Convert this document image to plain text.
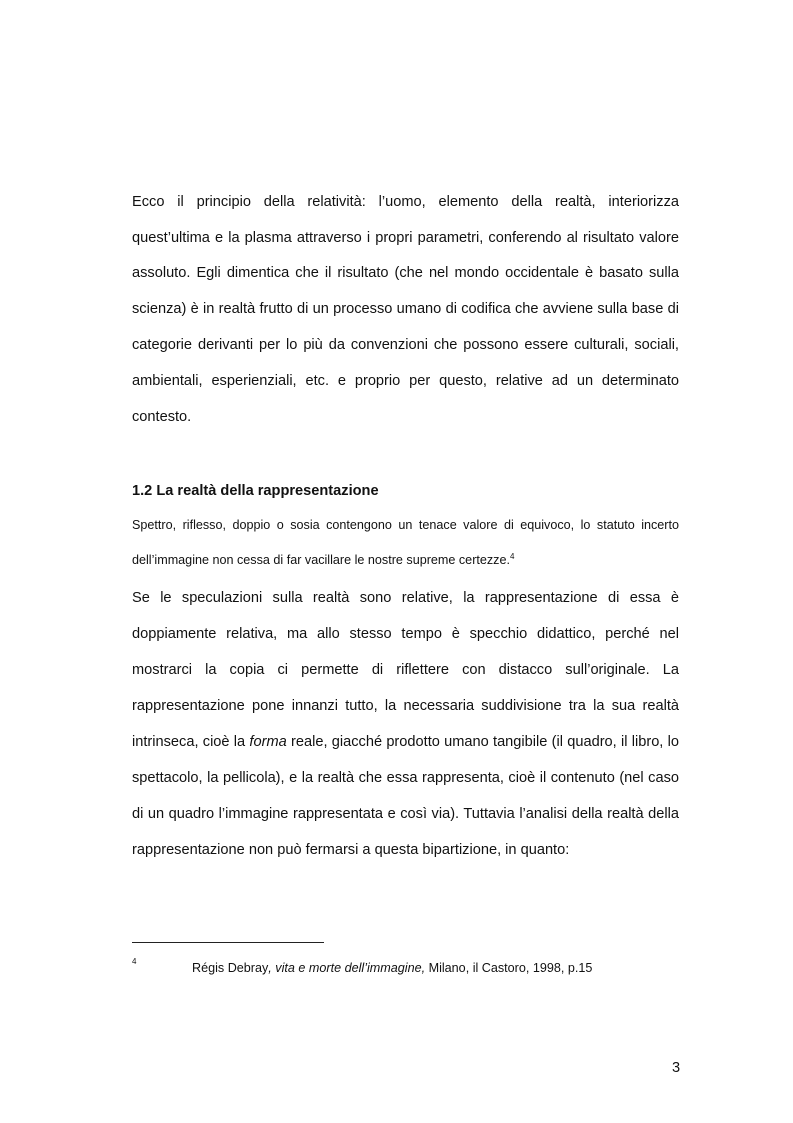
Ecco il principio della relatività: l’uomo, elemento della realtà, interiorizza
quest’ultima e la plasma attraverso i propri parametri, conferendo al risultato valore
assoluto. Egli dimentica che il risultato (che nel mondo occidentale è basato sulla
scienza) è in realtà frutto di un processo umano di codifica che avviene sulla base di
categorie derivanti per lo più da convenzioni che possono essere culturali, sociali,
ambientali, esperienziali, etc. e proprio per questo, relative ad un determinato
contesto.
1.2 La realtà della rappresentazione
Spettro, riflesso, doppio o sosia contengono un tenace valore di equivoco, lo statuto incerto
dell’immagine non cessa di far vacillare le nostre supreme certezze.$^4$
Se le speculazioni sulla realtà sono relative, la rappresentazione di essa è
doppiamente relativa, ma allo stesso tempo è specchio didattico, perché nel
mostrarci la copia ci permette di riflettere con distacco sull’originale. La
rappresentazione pone innanzi tutto, la necessaria suddivisione tra la sua realtà
intrinseca, cioè la forma reale, giacché prodotto umano tangibile (il quadro, il libro, lo
spettacolo, la pellicola), e la realtà che essa rappresenta, cioè il contenuto (nel caso
di un quadro l’immagine rappresentata e così via). Tuttavia l’analisi della realtà della
rappresentazione non può fermarsi a questa bipartizione, in quanto:
4	Régis Debray, vita e morte dell’immagine, Milano, il Castoro, 1998, p.15
3
